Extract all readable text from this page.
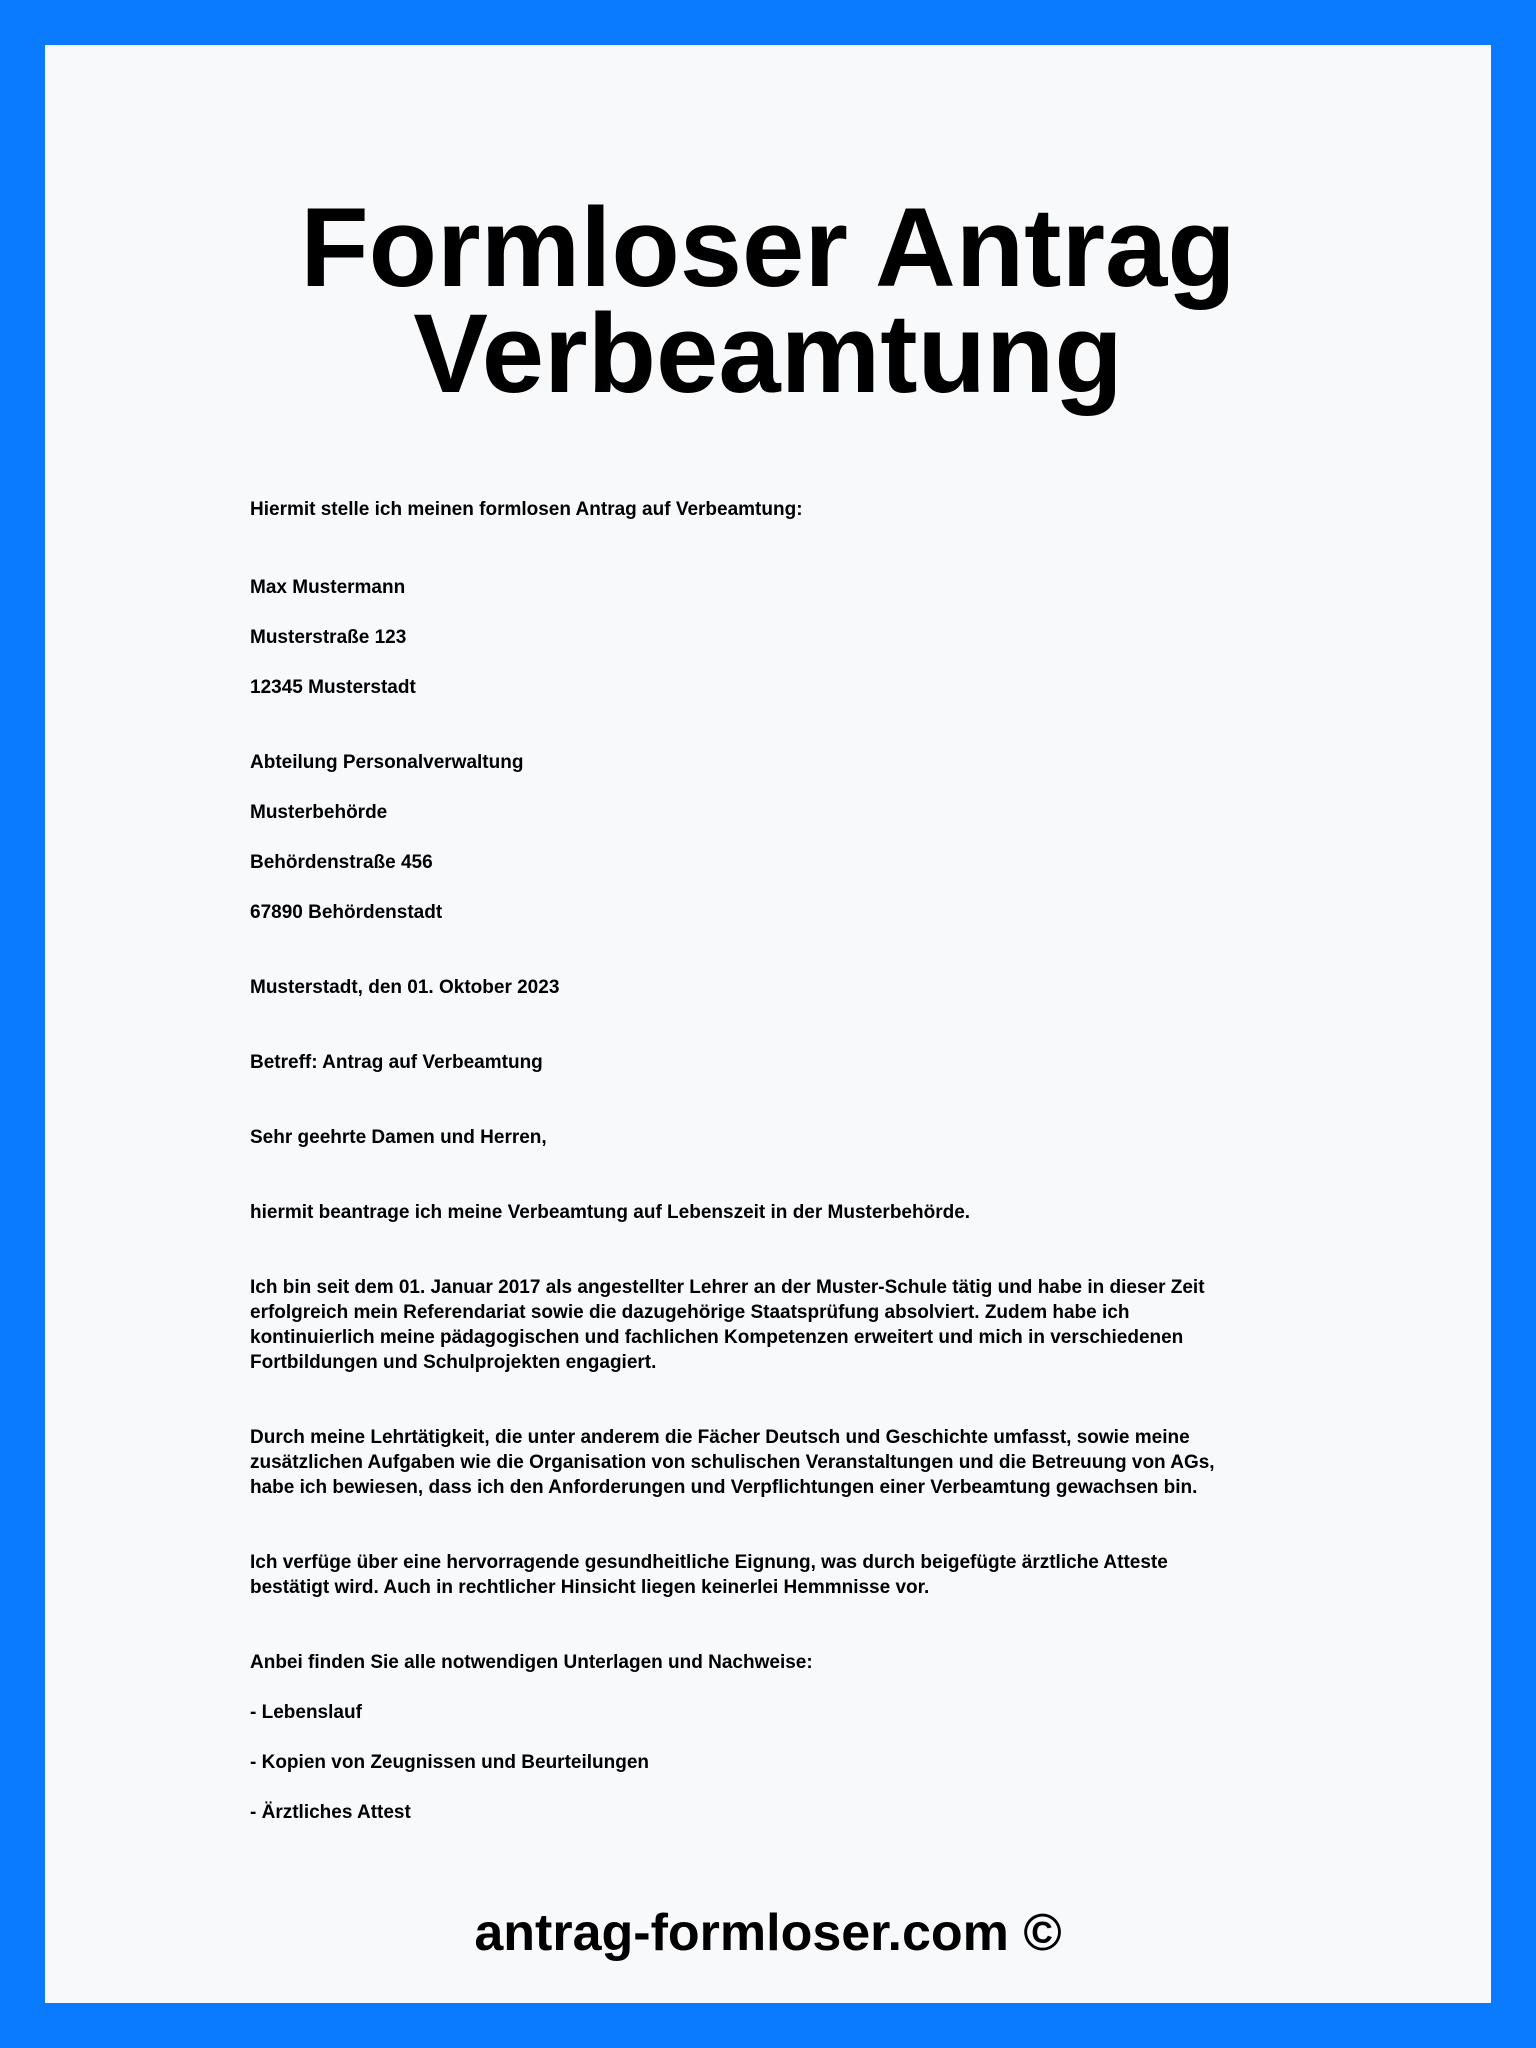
Formloser Antrag
Verbeamtung

Hiermit stelle ich meinen formlosen Antrag auf Verbeamtung:

Max Mustermann

Musterstraße 123

12345 Musterstadt

Abteilung Personalverwaltung

Musterbehörde

Behördenstraße 456

67890 Behördenstadt

Musterstadt, den 01. Oktober 2023

Betreff: Antrag auf Verbeamtung

Sehr geehrte Damen und Herren,

hiermit beantrage ich meine Verbeamtung auf Lebenszeit in der Musterbehörde.

Ich bin seit dem 01. Januar 2017 als angestellter Lehrer an der Muster-Schule tätig und habe in dieser Zeit
erfolgreich mein Referendariat sowie die dazugehörige Staatsprüfung absolviert. Zudem habe ich
kontinuierlich meine pädagogischen und fachlichen Kompetenzen erweitert und mich in verschiedenen
Fortbildungen und Schulprojekten engagiert.
Durch meine Lehrtätigkeit, die unter anderem die Fächer Deutsch und Geschichte umfasst, sowie meine
zusätzlichen Aufgaben wie die Organisation von schulischen Veranstaltungen und die Betreuung von AGs,
habe ich bewiesen, dass ich den Anforderungen und Verpflichtungen einer Verbeamtung gewachsen bin.
Ich verfüge über eine hervorragende gesundheitliche Eignung, was durch beigefügte ärztliche Atteste
bestätigt wird. Auch in rechtlicher Hinsicht liegen keinerlei Hemmnisse vor.

Anbei finden Sie alle notwendigen Unterlagen und Nachweise:

- Lebenslauf

- Kopien von Zeugnissen und Beurteilungen

- Ärztliches Attest

antrag-formloser.com ©
